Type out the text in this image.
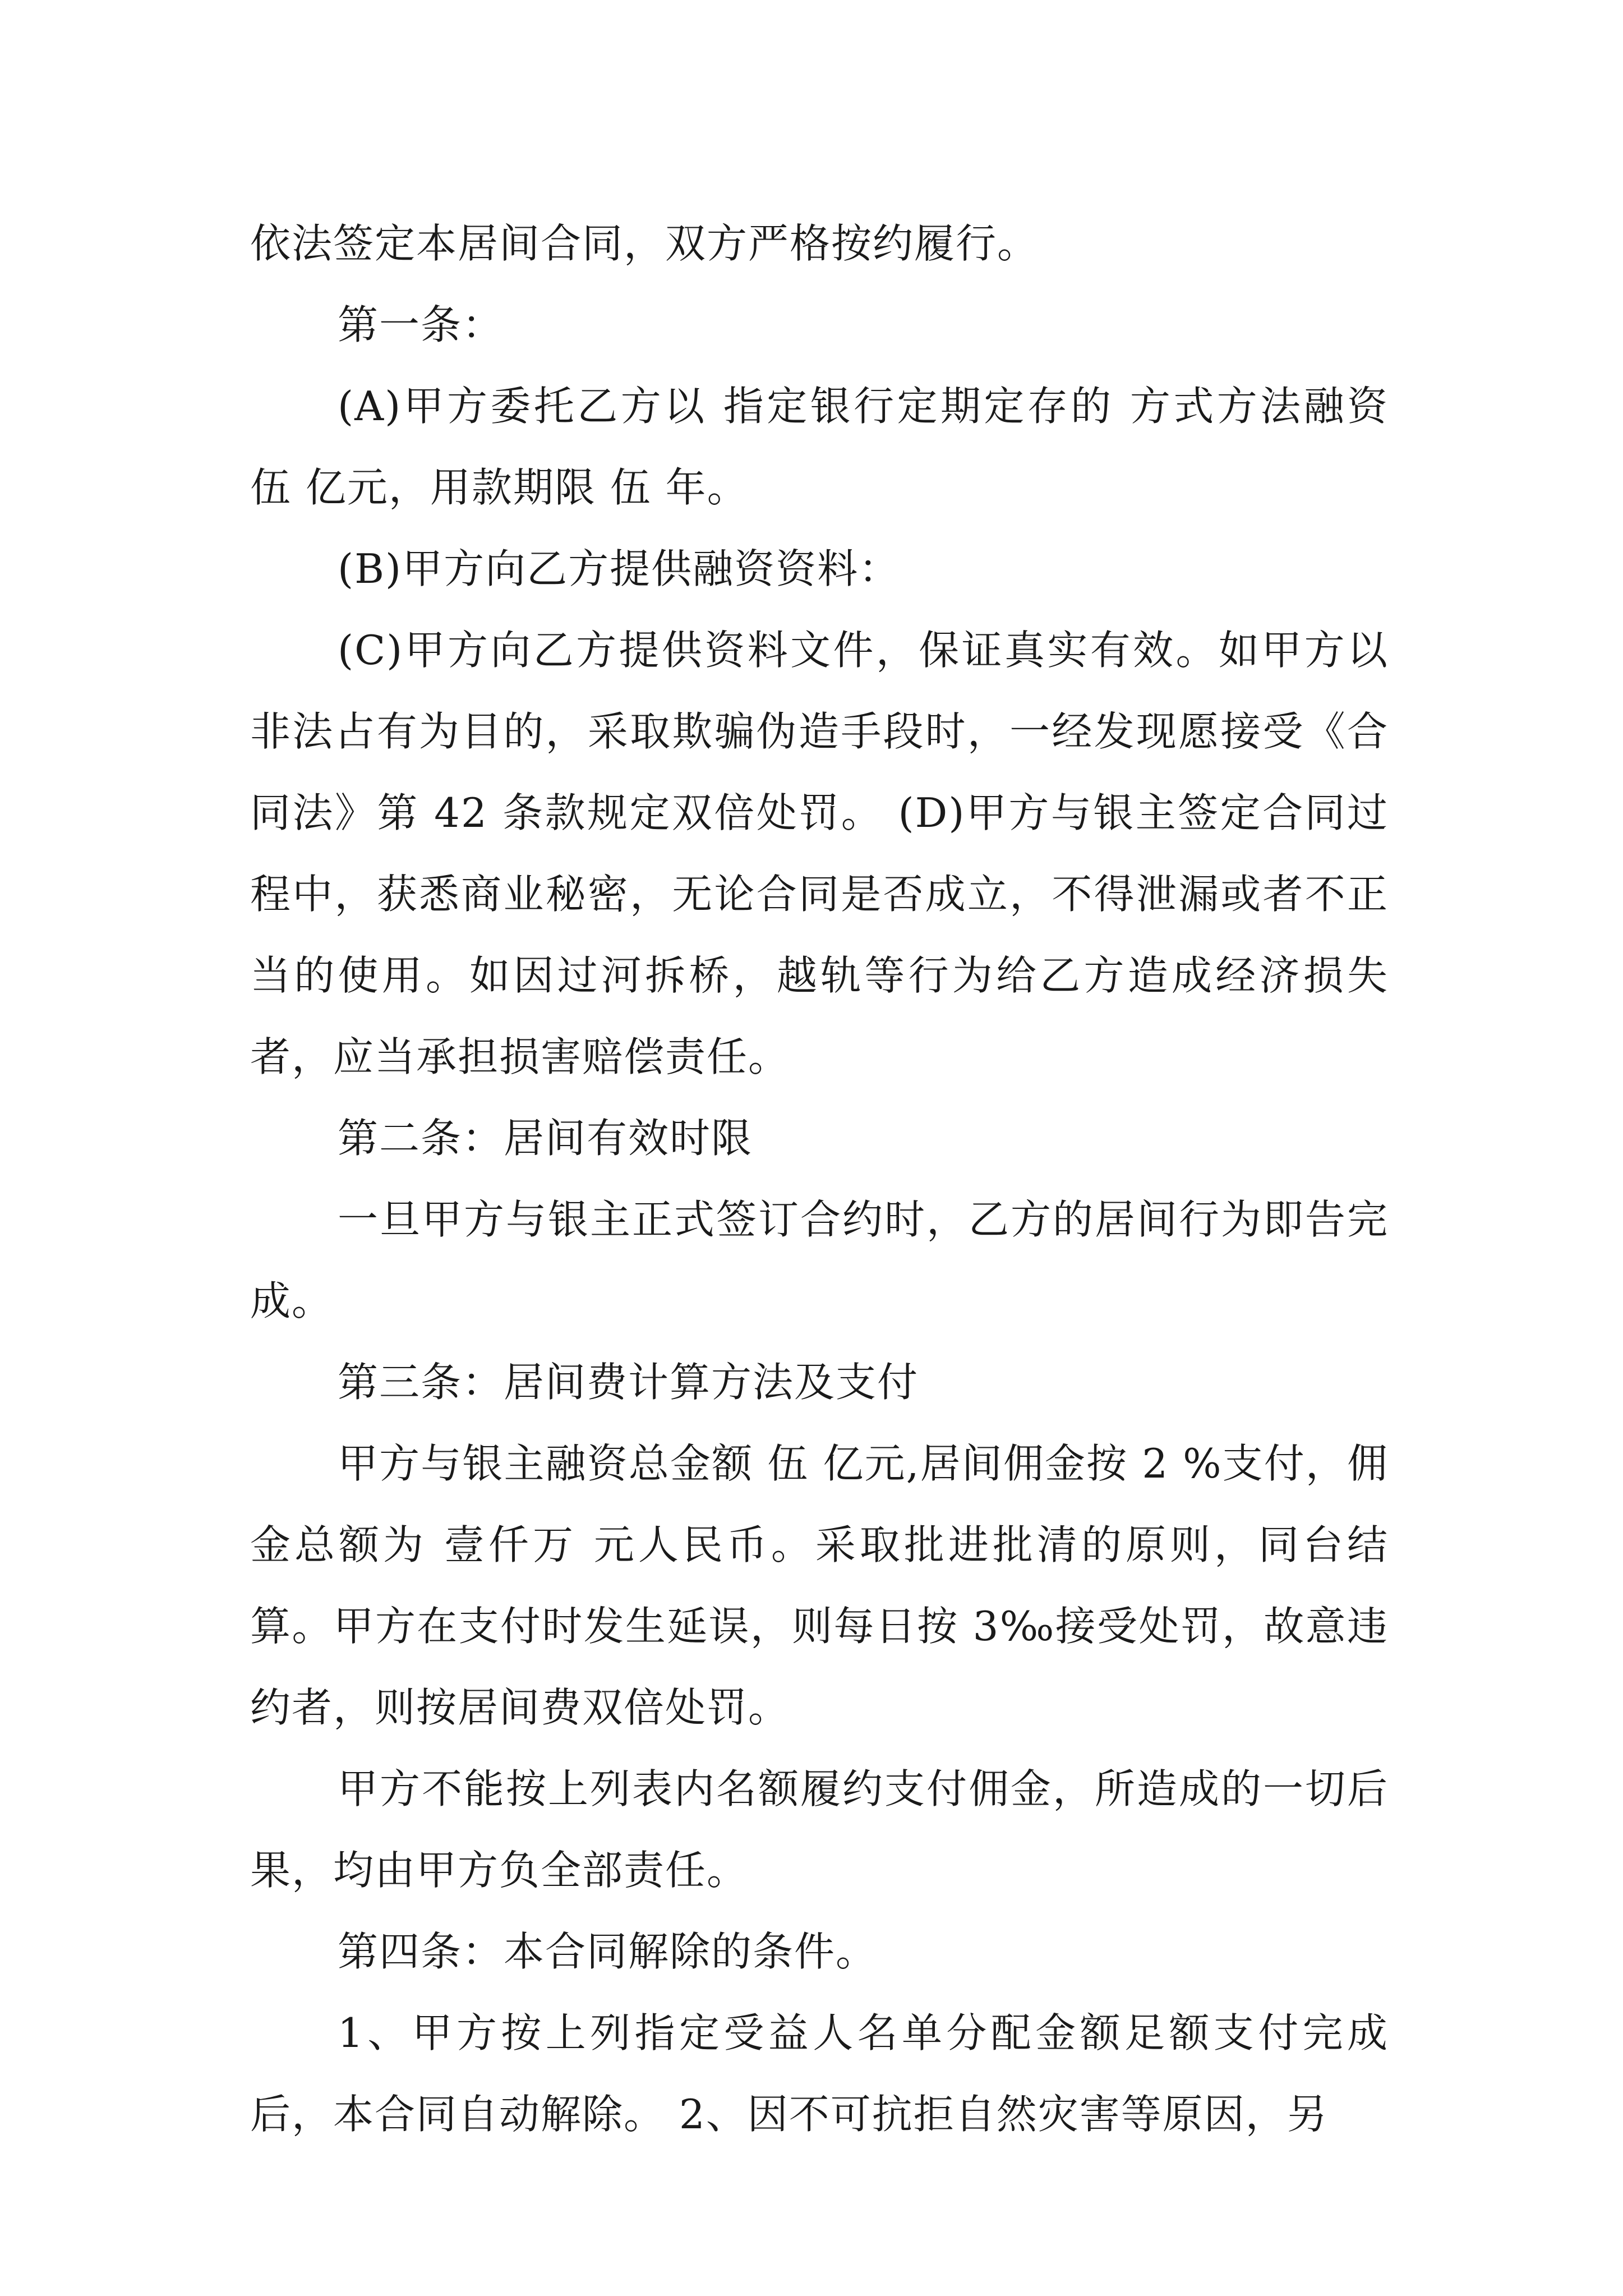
依法签定本居间合同，双方严格按约履行。

第一条：

(A)甲方委托乙方以 指定银行定期定存的 方式方法融资 伍 亿元，用款期限 伍 年。

(B)甲方向乙方提供融资资料：

(C)甲方向乙方提供资料文件，保证真实有效。如甲方以非法占有为目的，采取欺骗伪造手段时，一经发现愿接受《合同法》第 42 条款规定双倍处罚。 (D)甲方与银主签定合同过程中，获悉商业秘密，无论合同是否成立，不得泄漏或者不正当的使用。如因过河拆桥，越轨等行为给乙方造成经济损失者，应当承担损害赔偿责任。

第二条：居间有效时限

一旦甲方与银主正式签订合约时，乙方的居间行为即告完成。

第三条：居间费计算方法及支付

甲方与银主融资总金额 伍 亿元,居间佣金按 2 %支付，佣金总额为 壹仟万 元人民币。采取批进批清的原则，同台结算。甲方在支付时发生延误，则每日按 3‰接受处罚，故意违约者，则按居间费双倍处罚。

甲方不能按上列表内名额履约支付佣金，所造成的一切后果，均由甲方负全部责任。

第四条：本合同解除的条件。

1、甲方按上列指定受益人名单分配金额足额支付完成后，本合同自动解除。 2、因不可抗拒自然灾害等原因，另
